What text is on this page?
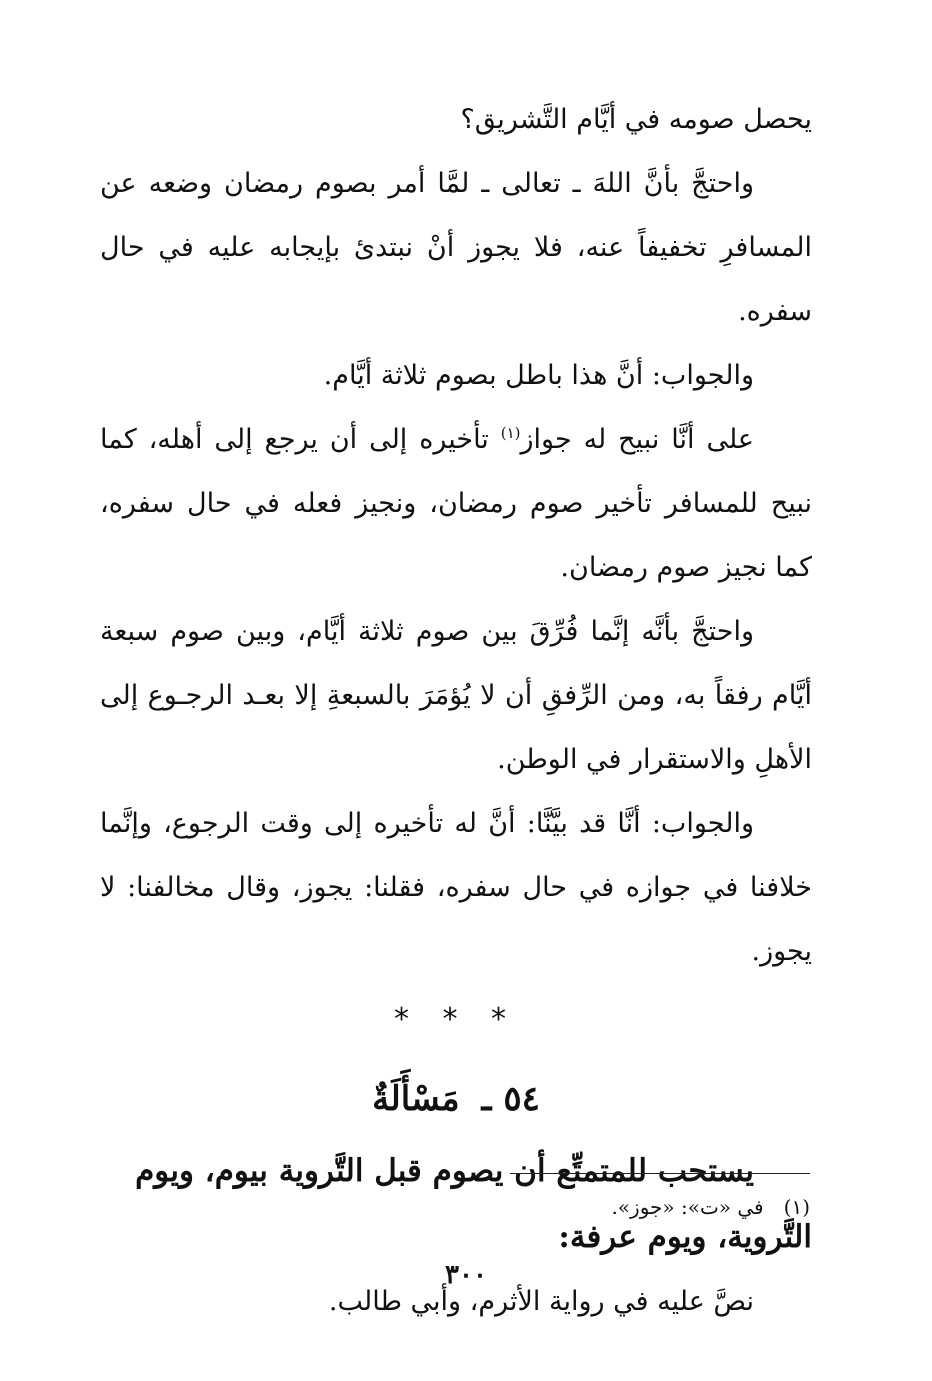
يحصل صومه في أيَّام التَّشريق؟

واحتجَّ بأنَّ اللهَ ـ تعالى ـ لمَّا أمر بصوم رمضان وضعه عن المسافرِ تخفيفاً عنه، فلا يجوز أنْ نبتدئ بإيجابه عليه في حال سفره.

والجواب: أنَّ هذا باطل بصوم ثلاثة أيَّام.

على أنَّا نبيح له جواز$^{(١)}$ تأخيره إلى أن يرجع إلى أهله، كما نبيح للمسافر تأخير صوم رمضان، ونجيز فعله في حال سفره، كما نجيز صوم رمضان.

واحتجَّ بأنَّه إنَّما فُرِّقَ بين صوم ثلاثة أيَّام، وبين صوم سبعة أيَّام رفقاً به، ومن الرِّفقِ أن لا يُؤمَرَ بالسبعةِ إلا بعـد الرجـوع إلى الأهلِ والاستقرار في الوطن.

والجواب: أنَّا قد بيَّنَّا: أنَّ له تأخيره إلى وقت الرجوع، وإنَّما خلافنا في جوازه في حال سفره، فقلنا: يجوز، وقال مخالفنا: لا يجوز.

* * *
٥٤ ـ مَسْأَلَةٌ

يستحب للمتمتِّع أن يصوم قبل التَّروية بيوم، ويوم التَّروية، ويوم عرفة:

نصَّ عليه في رواية الأثرم، وأبي طالب.

(١)في «ت»: «جوز».
٣٠٠
